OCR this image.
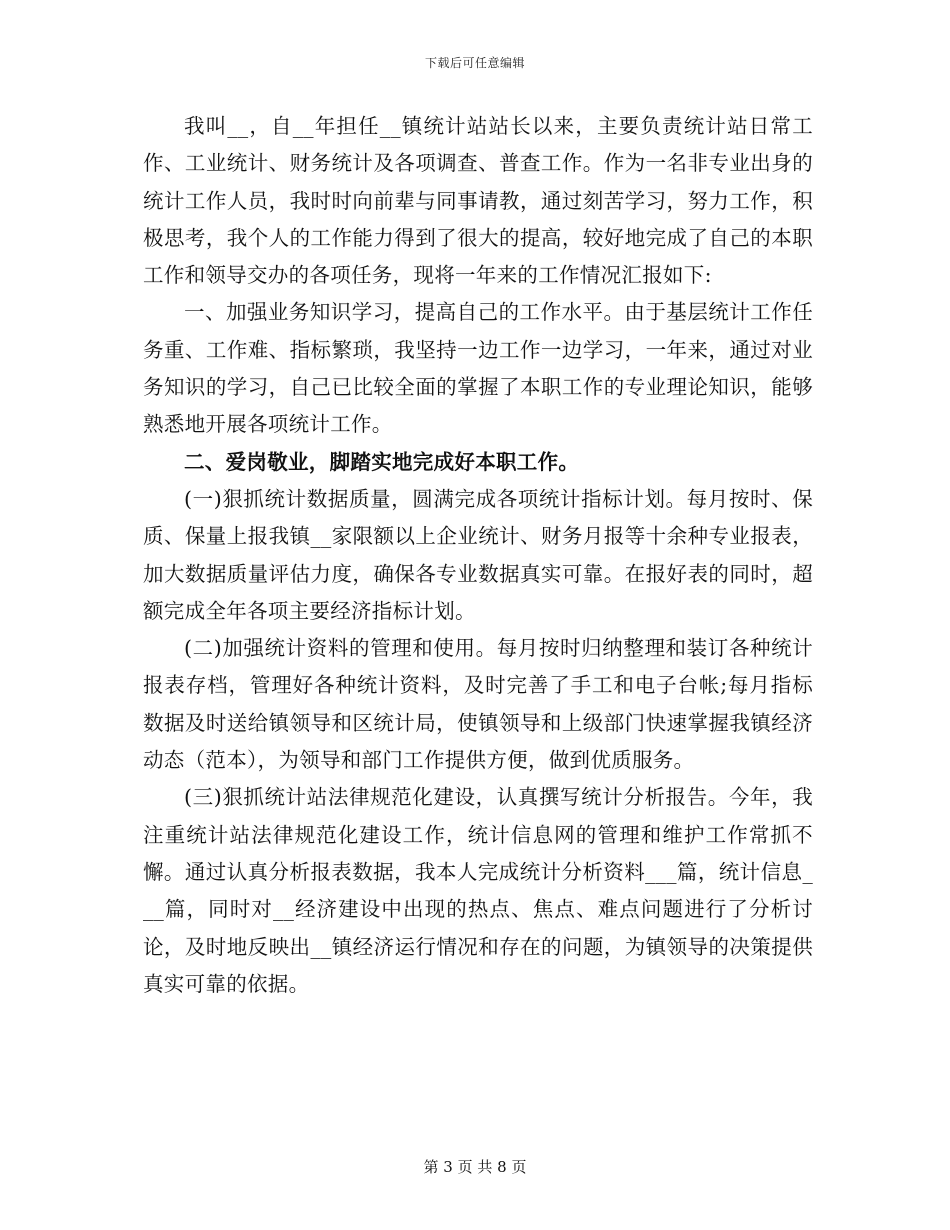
下载后可任意编辑

我叫__，自__年担任__镇统计站站长以来，主要负责统计站日常工作、工业统计、财务统计及各项调查、普查工作。作为一名非专业出身的统计工作人员，我时时向前辈与同事请教，通过刻苦学习，努力工作，积极思考，我个人的工作能力得到了很大的提高，较好地完成了自己的本职工作和领导交办的各项任务，现将一年来的工作情况汇报如下:

一、加强业务知识学习，提高自己的工作水平。由于基层统计工作任务重、工作难、指标繁琐，我坚持一边工作一边学习，一年来，通过对业务知识的学习，自己已比较全面的掌握了本职工作的专业理论知识，能够熟悉地开展各项统计工作。

二、爱岗敬业，脚踏实地完成好本职工作。

(一)狠抓统计数据质量，圆满完成各项统计指标计划。每月按时、保质、保量上报我镇__家限额以上企业统计、财务月报等十余种专业报表，加大数据质量评估力度，确保各专业数据真实可靠。在报好表的同时，超额完成全年各项主要经济指标计划。

(二)加强统计资料的管理和使用。每月按时归纳整理和装订各种统计报表存档，管理好各种统计资料，及时完善了手工和电子台帐;每月指标数据及时送给镇领导和区统计局，使镇领导和上级部门快速掌握我镇经济动态（范本），为领导和部门工作提供方便，做到优质服务。

(三)狠抓统计站法律规范化建设，认真撰写统计分析报告。今年，我注重统计站法律规范化建设工作，统计信息网的管理和维护工作常抓不懈。通过认真分析报表数据，我本人完成统计分析资料___篇，统计信息___篇，同时对__经济建设中出现的热点、焦点、难点问题进行了分析讨论，及时地反映出__镇经济运行情况和存在的问题，为镇领导的决策提供真实可靠的依据。

第 3 页 共 8 页
